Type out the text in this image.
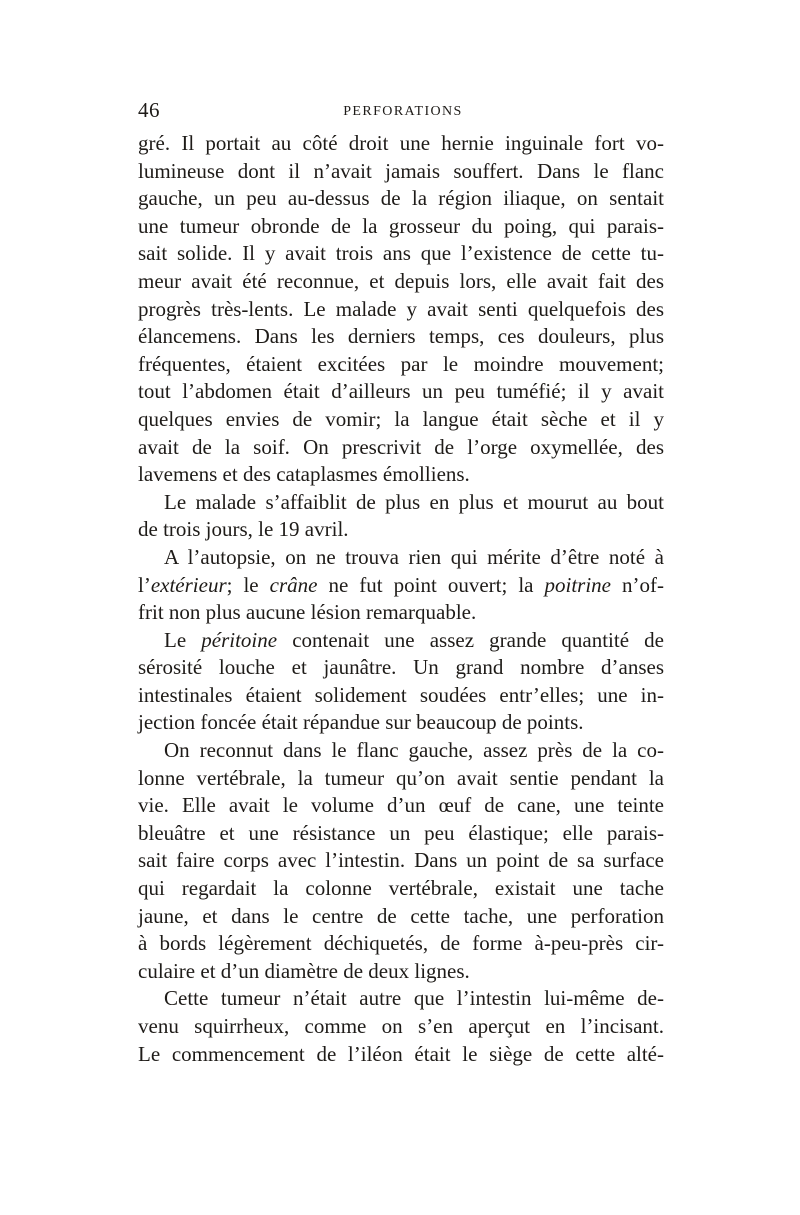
46	PERFORATIONS
gré. Il portait au côté droit une hernie inguinale fort vo-
lumineuse dont il n’avait jamais souffert. Dans le flanc
gauche, un peu au-dessus de la région iliaque, on sentait
une tumeur obronde de la grosseur du poing, qui parais-
sait solide. Il y avait trois ans que l’existence de cette tu-
meur avait été reconnue, et depuis lors, elle avait fait des
progrès très-lents. Le malade y avait senti quelquefois des
élancemens. Dans les derniers temps, ces douleurs, plus
fréquentes, étaient excitées par le moindre mouvement;
tout l’abdomen était d’ailleurs un peu tuméfié; il y avait
quelques envies de vomir; la langue était sèche et il y
avait de la soif. On prescrivit de l’orge oxymellée, des
lavemens et des cataplasmes émolliens.
Le malade s’affaiblit de plus en plus et mourut au bout
de trois jours, le 19 avril.
A l’autopsie, on ne trouva rien qui mérite d’être noté à
l’extérieur; le crâne ne fut point ouvert; la poitrine n’of-
frit non plus aucune lésion remarquable.
Le péritoine contenait une assez grande quantité de
sérosité louche et jaunâtre. Un grand nombre d’anses
intestinales étaient solidement soudées entr’elles; une in-
jection foncée était répandue sur beaucoup de points.
On reconnut dans le flanc gauche, assez près de la co-
lonne vertébrale, la tumeur qu’on avait sentie pendant la
vie. Elle avait le volume d’un œuf de cane, une teinte
bleuâtre et une résistance un peu élastique; elle parais-
sait faire corps avec l’intestin. Dans un point de sa surface
qui regardait la colonne vertébrale, existait une tache
jaune, et dans le centre de cette tache, une perforation
à bords légèrement déchiquetés, de forme à-peu-près cir-
culaire et d’un diamètre de deux lignes.
Cette tumeur n’était autre que l’intestin lui-même de-
venu squirrheux, comme on s’en aperçut en l’incisant.
Le commencement de l’iléon était le siège de cette alté-
